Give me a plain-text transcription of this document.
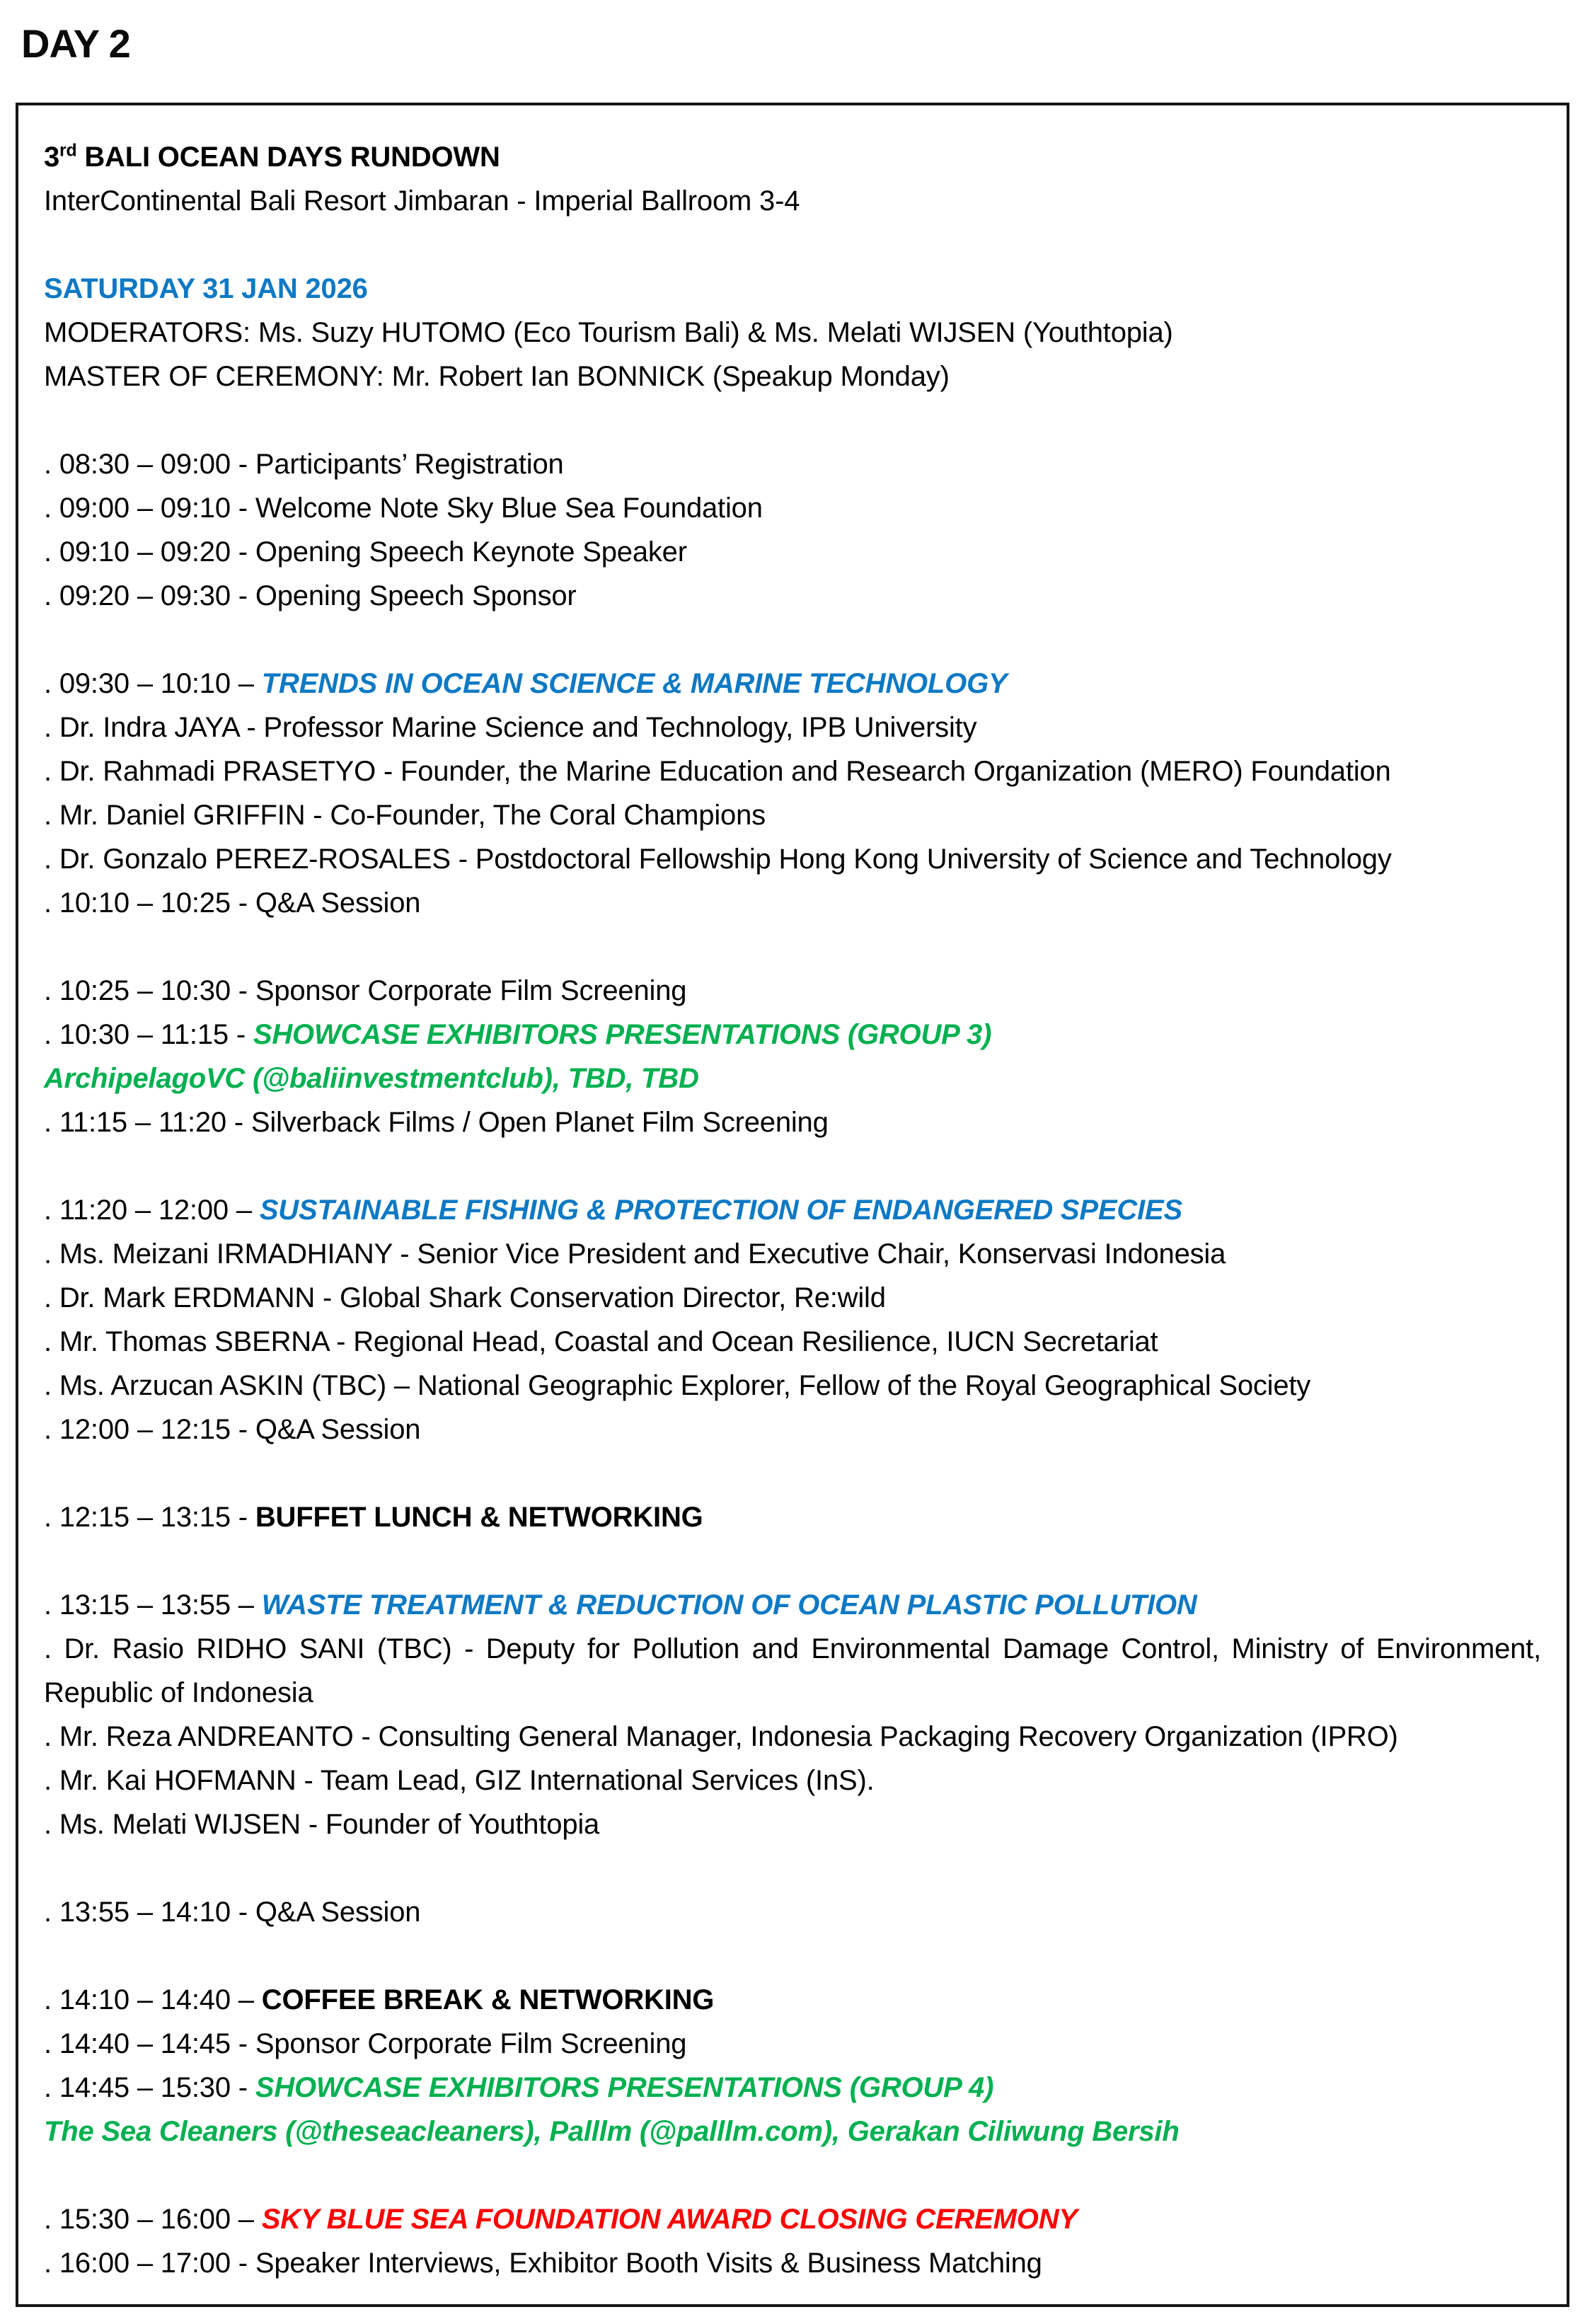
DAY 2

3rd BALI OCEAN DAYS RUNDOWN

InterContinental Bali Resort Jimbaran - Imperial Ballroom 3-4

SATURDAY 31 JAN 2026

MODERATORS: Ms. Suzy HUTOMO (Eco Tourism Bali) & Ms. Melati WIJSEN (Youthtopia)

MASTER OF CEREMONY: Mr. Robert Ian BONNICK (Speakup Monday)

. 08:30 – 09:00 - Participants’ Registration

. 09:00 – 09:10 - Welcome Note Sky Blue Sea Foundation

. 09:10 – 09:20 - Opening Speech Keynote Speaker

. 09:20 – 09:30 - Opening Speech Sponsor

. 09:30 – 10:10 – TRENDS IN OCEAN SCIENCE & MARINE TECHNOLOGY

. Dr. Indra JAYA - Professor Marine Science and Technology, IPB University

. Dr. Rahmadi PRASETYO - Founder, the Marine Education and Research Organization (MERO) Foundation

. Mr. Daniel GRIFFIN - Co-Founder, The Coral Champions

. Dr. Gonzalo PEREZ-ROSALES - Postdoctoral Fellowship Hong Kong University of Science and Technology

. 10:10 – 10:25 - Q&A Session

. 10:25 – 10:30 - Sponsor Corporate Film Screening

. 10:30 – 11:15 - SHOWCASE EXHIBITORS PRESENTATIONS (GROUP 3)

ArchipelagoVC (@baliinvestmentclub), TBD, TBD

. 11:15 – 11:20 - Silverback Films / Open Planet Film Screening

. 11:20 – 12:00 – SUSTAINABLE FISHING & PROTECTION OF ENDANGERED SPECIES

. Ms. Meizani IRMADHIANY - Senior Vice President and Executive Chair, Konservasi Indonesia

. Dr. Mark ERDMANN - Global Shark Conservation Director, Re:wild

. Mr. Thomas SBERNA - Regional Head, Coastal and Ocean Resilience, IUCN Secretariat

. Ms. Arzucan ASKIN (TBC) – National Geographic Explorer, Fellow of the Royal Geographical Society

. 12:00 – 12:15 - Q&A Session

. 12:15 – 13:15 - BUFFET LUNCH & NETWORKING

. 13:15 – 13:55 – WASTE TREATMENT & REDUCTION OF OCEAN PLASTIC POLLUTION

. Dr. Rasio RIDHO SANI (TBC) - Deputy for Pollution and Environmental Damage Control, Ministry of Environment, Republic of Indonesia

. Mr. Reza ANDREANTO - Consulting General Manager, Indonesia Packaging Recovery Organization (IPRO)

. Mr. Kai HOFMANN - Team Lead, GIZ International Services (InS).

. Ms. Melati WIJSEN - Founder of Youthtopia

. 13:55 – 14:10 - Q&A Session

. 14:10 – 14:40 – COFFEE BREAK & NETWORKING

. 14:40 – 14:45 - Sponsor Corporate Film Screening

. 14:45 – 15:30 - SHOWCASE EXHIBITORS PRESENTATIONS (GROUP 4)

The Sea Cleaners (@theseacleaners), Palllm (@palllm.com), Gerakan Ciliwung Bersih

. 15:30 – 16:00 – SKY BLUE SEA FOUNDATION AWARD CLOSING CEREMONY

. 16:00 – 17:00 - Speaker Interviews, Exhibitor Booth Visits & Business Matching
